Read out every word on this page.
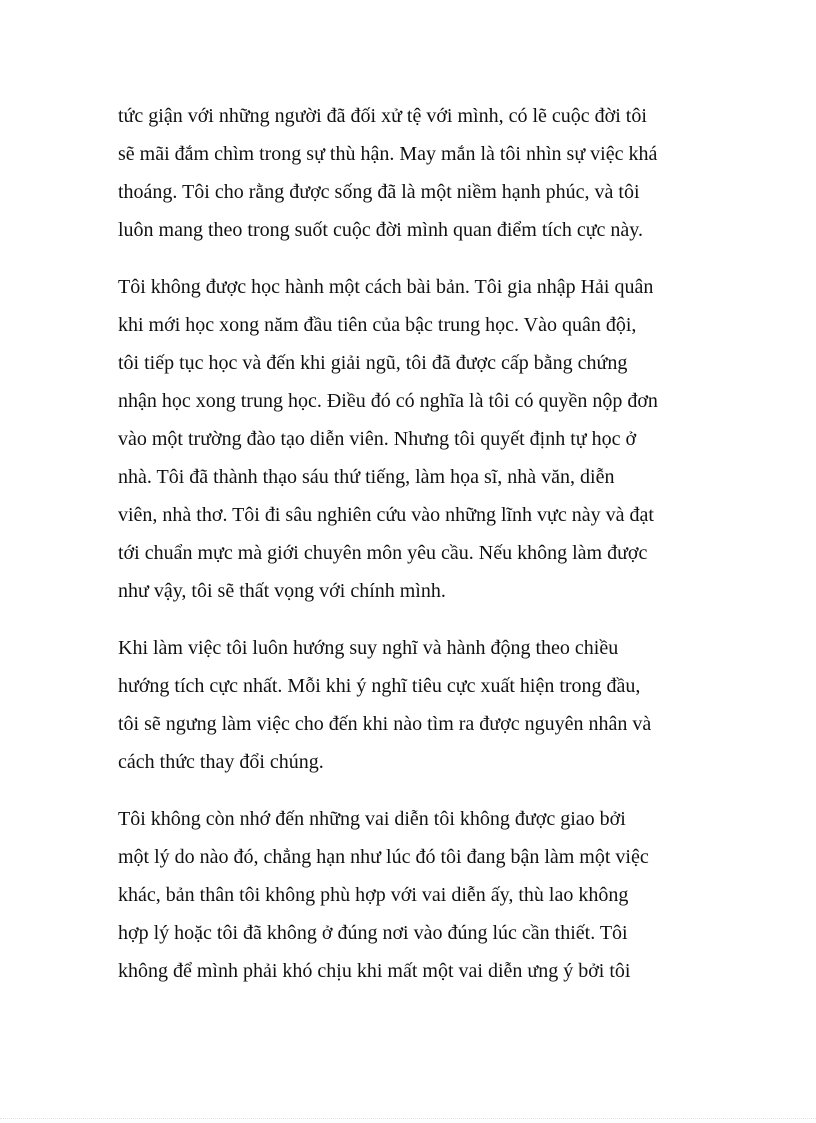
tức giận với những người đã đối xử tệ với mình, có lẽ cuộc đời tôi
sẽ mãi đắm chìm trong sự thù hận. May mắn là tôi nhìn sự việc khá
thoáng. Tôi cho rằng được sống đã là một niềm hạnh phúc, và tôi
luôn mang theo trong suốt cuộc đời mình quan điểm tích cực này.

Tôi không được học hành một cách bài bản. Tôi gia nhập Hải quân
khi mới học xong năm đầu tiên của bậc trung học. Vào quân đội,
tôi tiếp tục học và đến khi giải ngũ, tôi đã được cấp bằng chứng
nhận học xong trung học. Điều đó có nghĩa là tôi có quyền nộp đơn
vào một trường đào tạo diễn viên. Nhưng tôi quyết định tự học ở
nhà. Tôi đã thành thạo sáu thứ tiếng, làm họa sĩ, nhà văn, diễn
viên, nhà thơ. Tôi đi sâu nghiên cứu vào những lĩnh vực này và đạt
tới chuẩn mực mà giới chuyên môn yêu cầu. Nếu không làm được
như vậy, tôi sẽ thất vọng với chính mình.

Khi làm việc tôi luôn hướng suy nghĩ và hành động theo chiều
hướng tích cực nhất. Mỗi khi ý nghĩ tiêu cực xuất hiện trong đầu,
tôi sẽ ngưng làm việc cho đến khi nào tìm ra được nguyên nhân và
cách thức thay đổi chúng.

Tôi không còn nhớ đến những vai diễn tôi không được giao bởi
một lý do nào đó, chẳng hạn như lúc đó tôi đang bận làm một việc
khác, bản thân tôi không phù hợp với vai diễn ấy, thù lao không
hợp lý hoặc tôi đã không ở đúng nơi vào đúng lúc cần thiết. Tôi
không để mình phải khó chịu khi mất một vai diễn ưng ý bởi tôi
